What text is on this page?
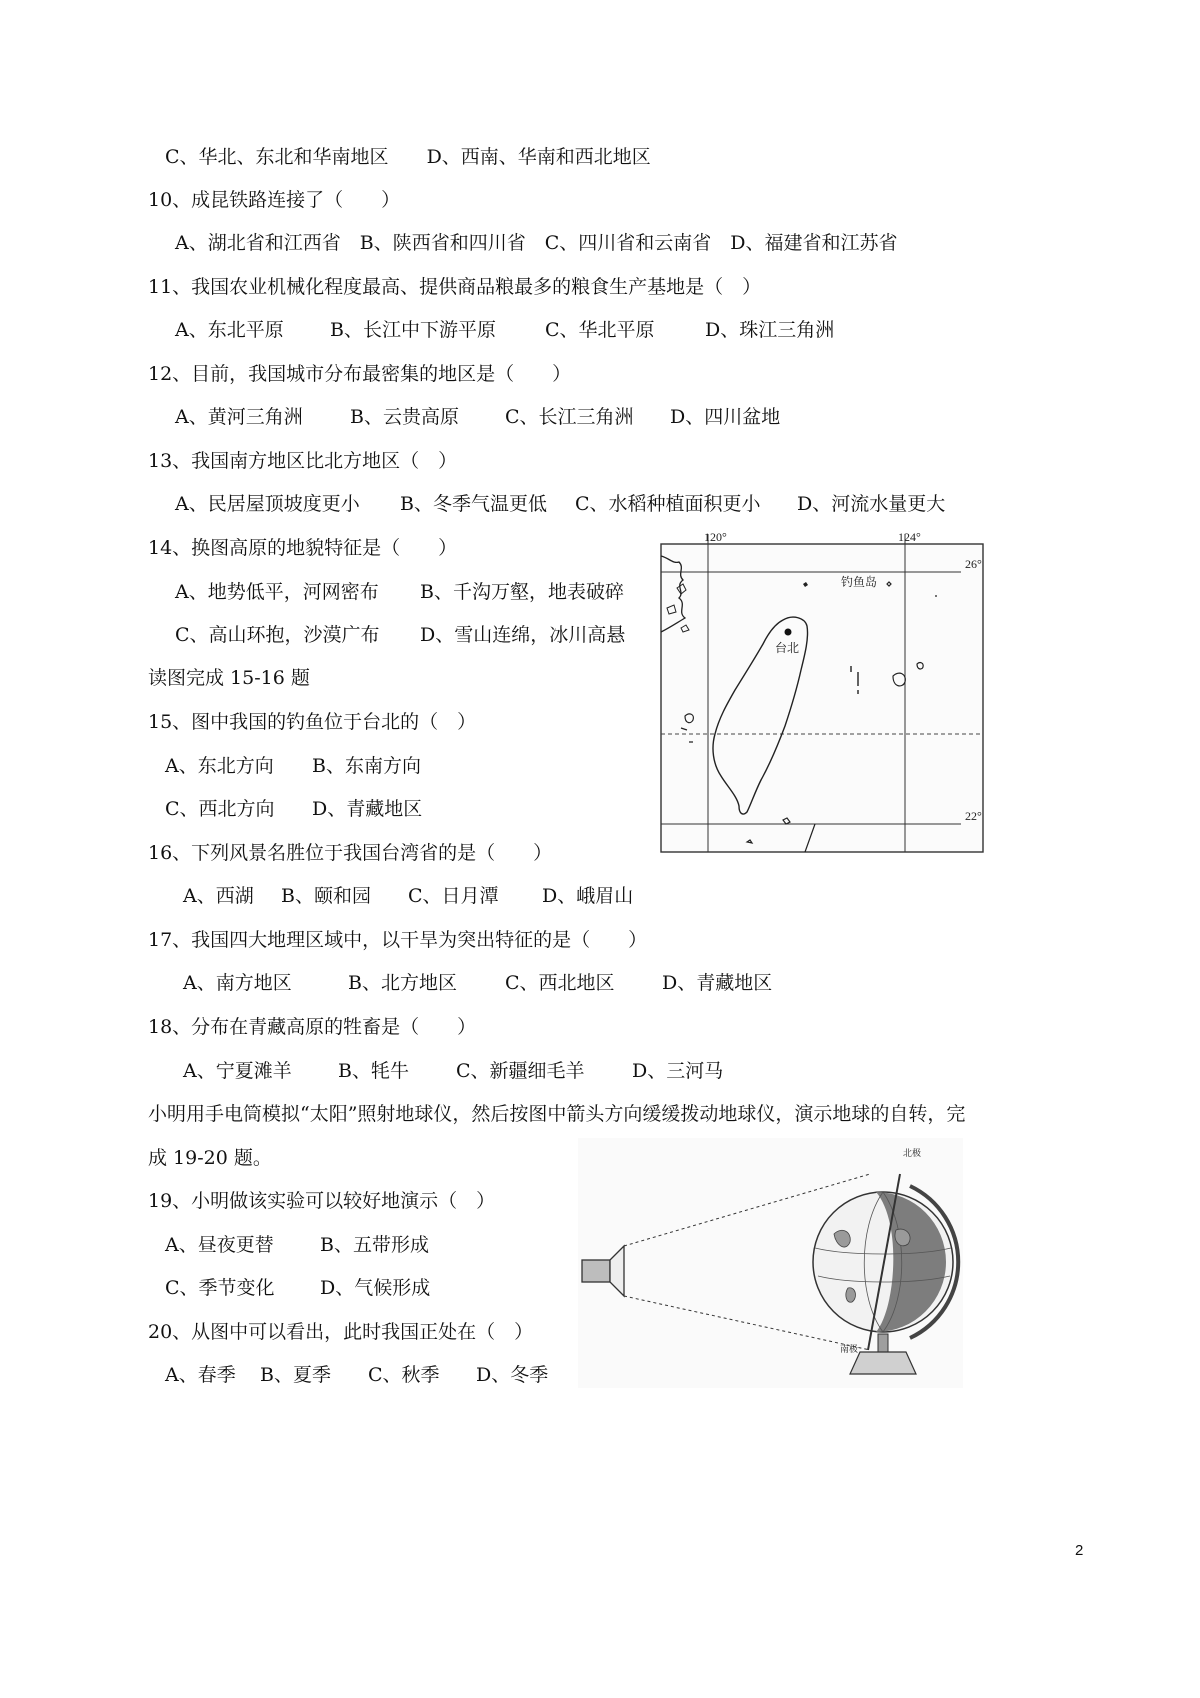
C、华北、东北和华南地区　　 D、西南、华南和西北地区
10、成昆铁路连接了（　　）
A、湖北省和江西省　 B、陕西省和四川省　 C、四川省和云南省　 D、福建省和江苏省
11、我国农业机械化程度最高、提供商品粮最多的粮食生产基地是（　）
A、东北平原 B、长江中下游平原	C、华北平原	D、珠江三角洲
12、目前，我国城市分布最密集的地区是（　　）
A、黄河三角洲 B、云贵高原 C、长江三角洲 D、四川盆地
13、我国南方地区比北方地区（　）
A、民居屋顶坡度更小 B、冬季气温更低 C、水稻种植面积更小 D、河流水量更大
14、换图高原的地貌特征是（　　）
A、地势低平，河网密布 B、千沟万壑，地表破碎
C、高山环抱，沙漠广布 D、雪山连绵，冰川高悬
读图完成 15-16 题
15、图中我国的钓鱼位于台北的（　）
A、东北方向 B、东南方向
C、西北方向 D、青藏地区
16、下列风景名胜位于我国台湾省的是（　　）
A、西湖 B、颐和园 C、日月潭 D、峨眉山
17、我国四大地理区域中，以干旱为突出特征的是（　　）
A、南方地区	B、北方地区	C、西北地区 D、青藏地区
18、分布在青藏高原的牲畜是（　　）
A、宁夏滩羊 B、牦牛 C、新疆细毛羊 D、三河马
小明用手电筒模拟“太阳”照射地球仪，然后按图中箭头方向缓缓拨动地球仪，演示地球的自转，完
成 19-20 题。
19、小明做该实验可以较好地演示（　）
A、昼夜更替 B、五带形成
C、季节变化 D、气候形成
20、从图中可以看出，此时我国正处在（　）
A、春季 B、夏季 C、秋季 D、冬季
120°	124°
26°
22°
台北
钓鱼岛
北极
南极
2
